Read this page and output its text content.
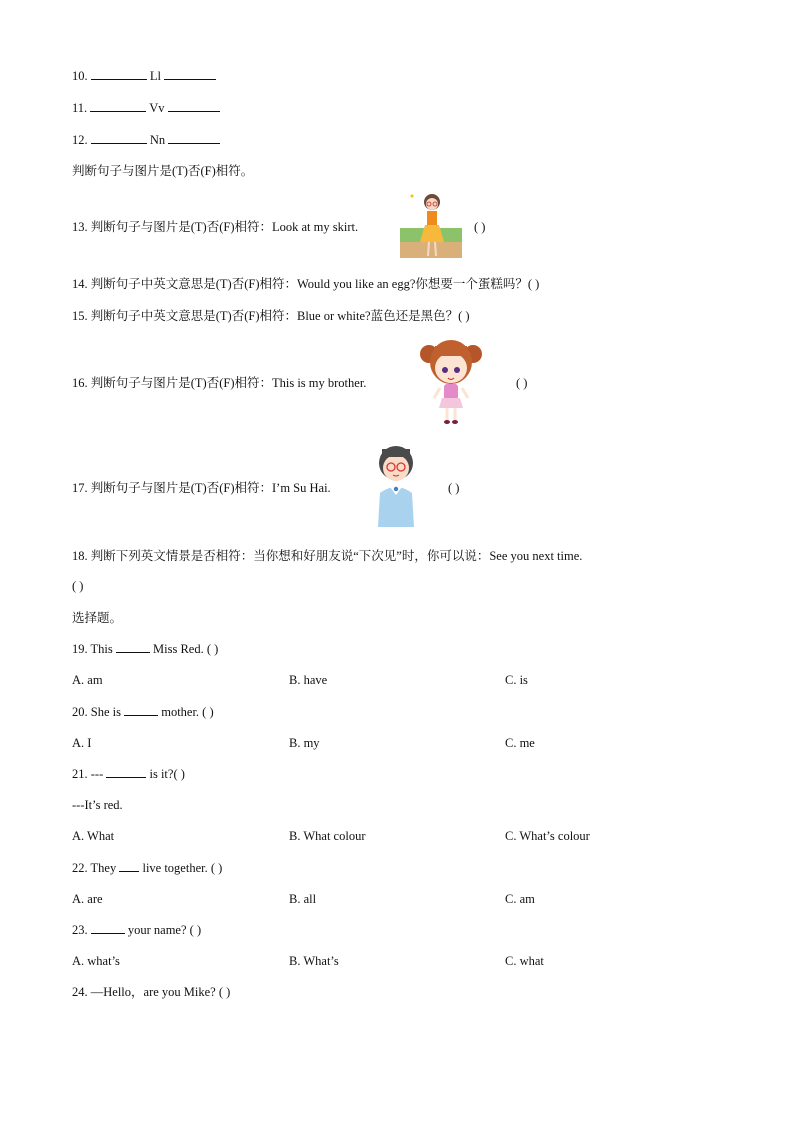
10.	Ll
11.	Vv
12.	Nn
判断句子与图片是(T)否(F)相符。
13. 判断句子与图片是(T)否(F)相符：Look at my skirt.	( )
14. 判断句子中英文意思是(T)否(F)相符：Would you like an egg?你想要一个蛋糕吗？( )
15. 判断句子中英文意思是(T)否(F)相符：Blue or white?蓝色还是黑色？( )
16. 判断句子与图片是(T)否(F)相符：This is my brother.	( )
17. 判断句子与图片是(T)否(F)相符：I’m Su Hai.	( )
18. 判断下列英文情景是否相符：当你想和好朋友说“下次见”时，你可以说：See you next time.
( )
选择题。
19. This	Miss Red. ( )
A. am	B. have	C. is
20. She is	mother. ( )
A. I	B. my	C. me
21. ---	is it?( )
---It’s red.
A. What	B. What colour	C. What’s colour
22. They live together. ( )
A. are	B. all	C. am
23.	your name? ( )
A. what’s	B. What’s	C. what
24. —Hello，are you Mike? ( )
